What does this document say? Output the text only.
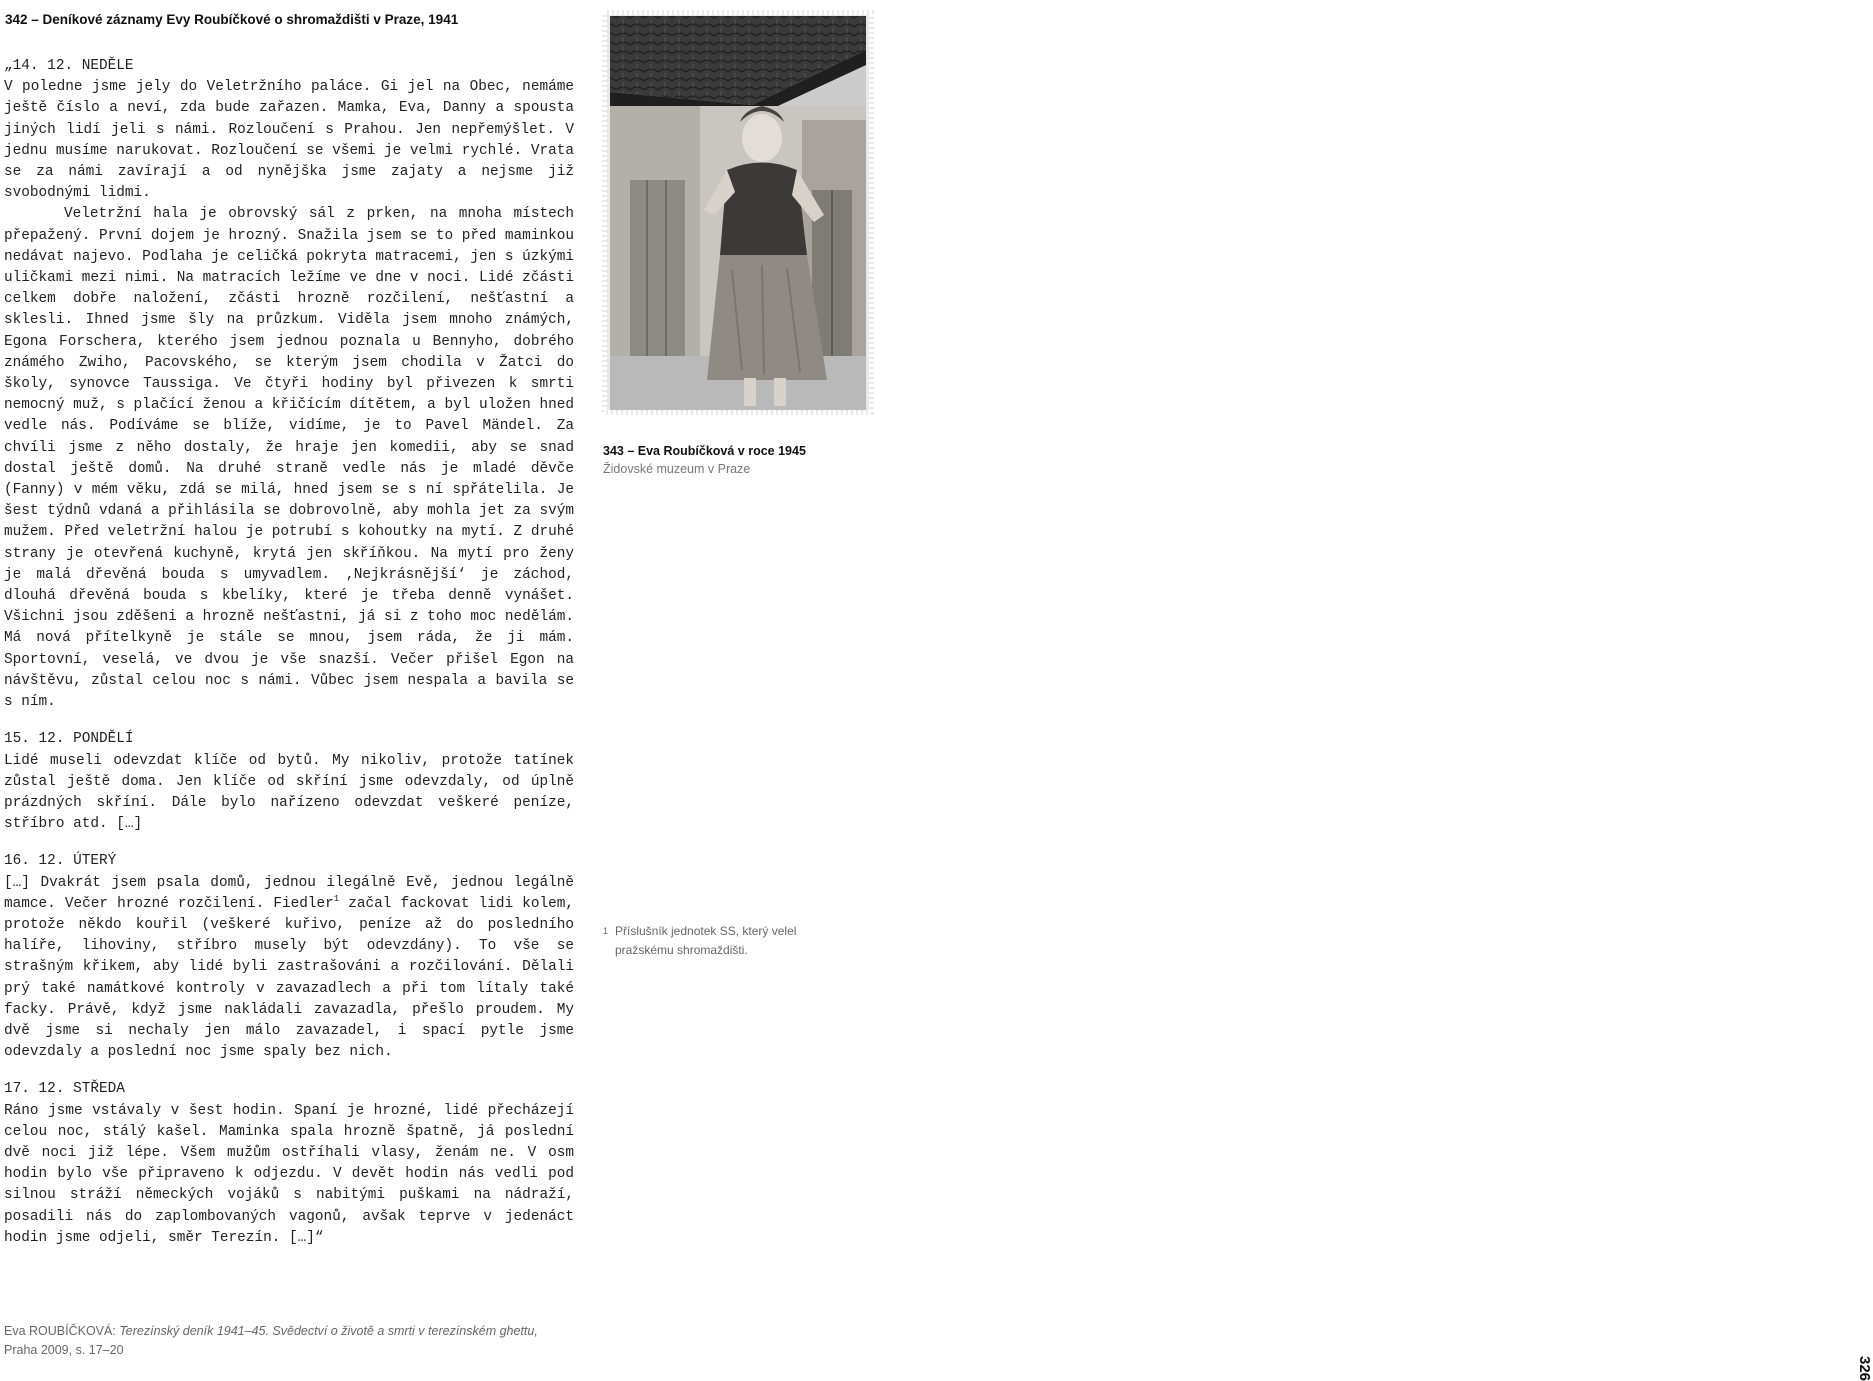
342 – Deníkové záznamy Evy Roubíčkové o shromaždišti v Praze, 1941
„14. 12. NEDĚLE

V poledne jsme jely do Veletržního paláce. Gi jel na Obec, nemáme ještě číslo a neví, zda bude zařazen. Mamka, Eva, Danny a spousta jiných lidí jeli s námi. Rozloučení s Prahou. Jen nepřemýšlet. V jednu musíme narukovat. Rozloučení se všemi je velmi rychlé. Vrata se za námi zavírají a od nynějška jsme zajaty a nejsme již svobodnými lidmi.

Veletržní hala je obrovský sál z prken, na mnoha místech přepažený. První dojem je hrozný. Snažila jsem se to před maminkou nedávat najevo. Podlaha je celičká pokryta matracemi, jen s úzkými uličkami mezi nimi. Na matracích ležíme ve dne v noci. Lidé zčásti celkem dobře naložení, zčásti hrozně rozčilení, nešťastní a sklesli. Ihned jsme šly na průzkum. Viděla jsem mnoho známých, Egona Forschera, kterého jsem jednou poznala u Bennyho, dobrého známého Zwiho, Pacovského, se kterým jsem chodila v Žatci do školy, synovce Taussiga. Ve čtyři hodiny byl přivezen k smrti nemocný muž, s plačící ženou a křičícím dítětem, a byl uložen hned vedle nás. Podíváme se blíže, vidíme, je to Pavel Mändel. Za chvíli jsme z něho dostaly, že hraje jen komedii, aby se snad dostal ještě domů. Na druhé straně vedle nás je mladé děvče (Fanny) v mém věku, zdá se milá, hned jsem se s ní spřátelila. Je šest týdnů vdaná a přihlásila se dobrovolně, aby mohla jet za svým mužem. Před veletržní halou je potrubí s kohoutky na mytí. Z druhé strany je otevřená kuchyně, krytá jen skříňkou. Na mytí pro ženy je malá dřevěná bouda s umyvadlem. ‚Nejkrásnější‘ je záchod, dlouhá dřevěná bouda s kbelíky, které je třeba denně vynášet. Všichni jsou zděšeni a hrozně nešťastni, já si z toho moc nedělám. Má nová přítelkyně je stále se mnou, jsem ráda, že ji mám. Sportovní, veselá, ve dvou je vše snazší. Večer přišel Egon na návštěvu, zůstal celou noc s námi. Vůbec jsem nespala a bavila se s ním.

15. 12. PONDĚLÍ

Lidé museli odevzdat klíče od bytů. My nikoliv, protože tatínek zůstal ještě doma. Jen klíče od skříní jsme odevzdaly, od úplně prázdných skříní. Dále bylo nařízeno odevzdat veškeré peníze, stříbro atd. […]

16. 12. ÚTERÝ

[…] Dvakrát jsem psala domů, jednou ilegálně Evě, jednou legálně mamce. Večer hrozné rozčilení. Fiedler$^1$ začal fackovat lidi kolem, protože někdo kouřil (veškeré kuřivo, peníze až do posledního halíře, lihoviny, stříbro musely být odevzdány). To vše se strašným křikem, aby lidé byli zastrašováni a rozčilování. Dělali prý také namátkové kontroly v zavazadlech a při tom lítaly také facky. Právě, když jsme nakládali zavazadla, přešlo proudem. My dvě jsme si nechaly jen málo zavazadel, i spací pytle jsme odevzdaly a poslední noc jsme spaly bez nich.

17. 12. STŘEDA

Ráno jsme vstávaly v šest hodin. Spaní je hrozné, lidé přecházejí celou noc, stálý kašel. Maminka spala hrozně špatně, já poslední dvě noci již lépe. Všem mužům ostříhali vlasy, ženám ne. V osm hodin bylo vše připraveno k odjezdu. V devět hodin nás vedli pod silnou stráží německých vojáků s nabitými puškami na nádraží, posadili nás do zaplombovaných vagonů, avšak teprve v jedenáct hodin jsme odjeli, směr Terezín. […]“

343 – Eva Roubíčková v roce 1945
Židovské muzeum v Praze
326
1 Příslušník jednotek SS, který velel pražskému shromaždišti.
Eva ROUBÍČKOVÁ: Terezínský deník 1941–45. Svědectví o životě a smrti v terezínském ghettu,
Praha 2009, s. 17–20
